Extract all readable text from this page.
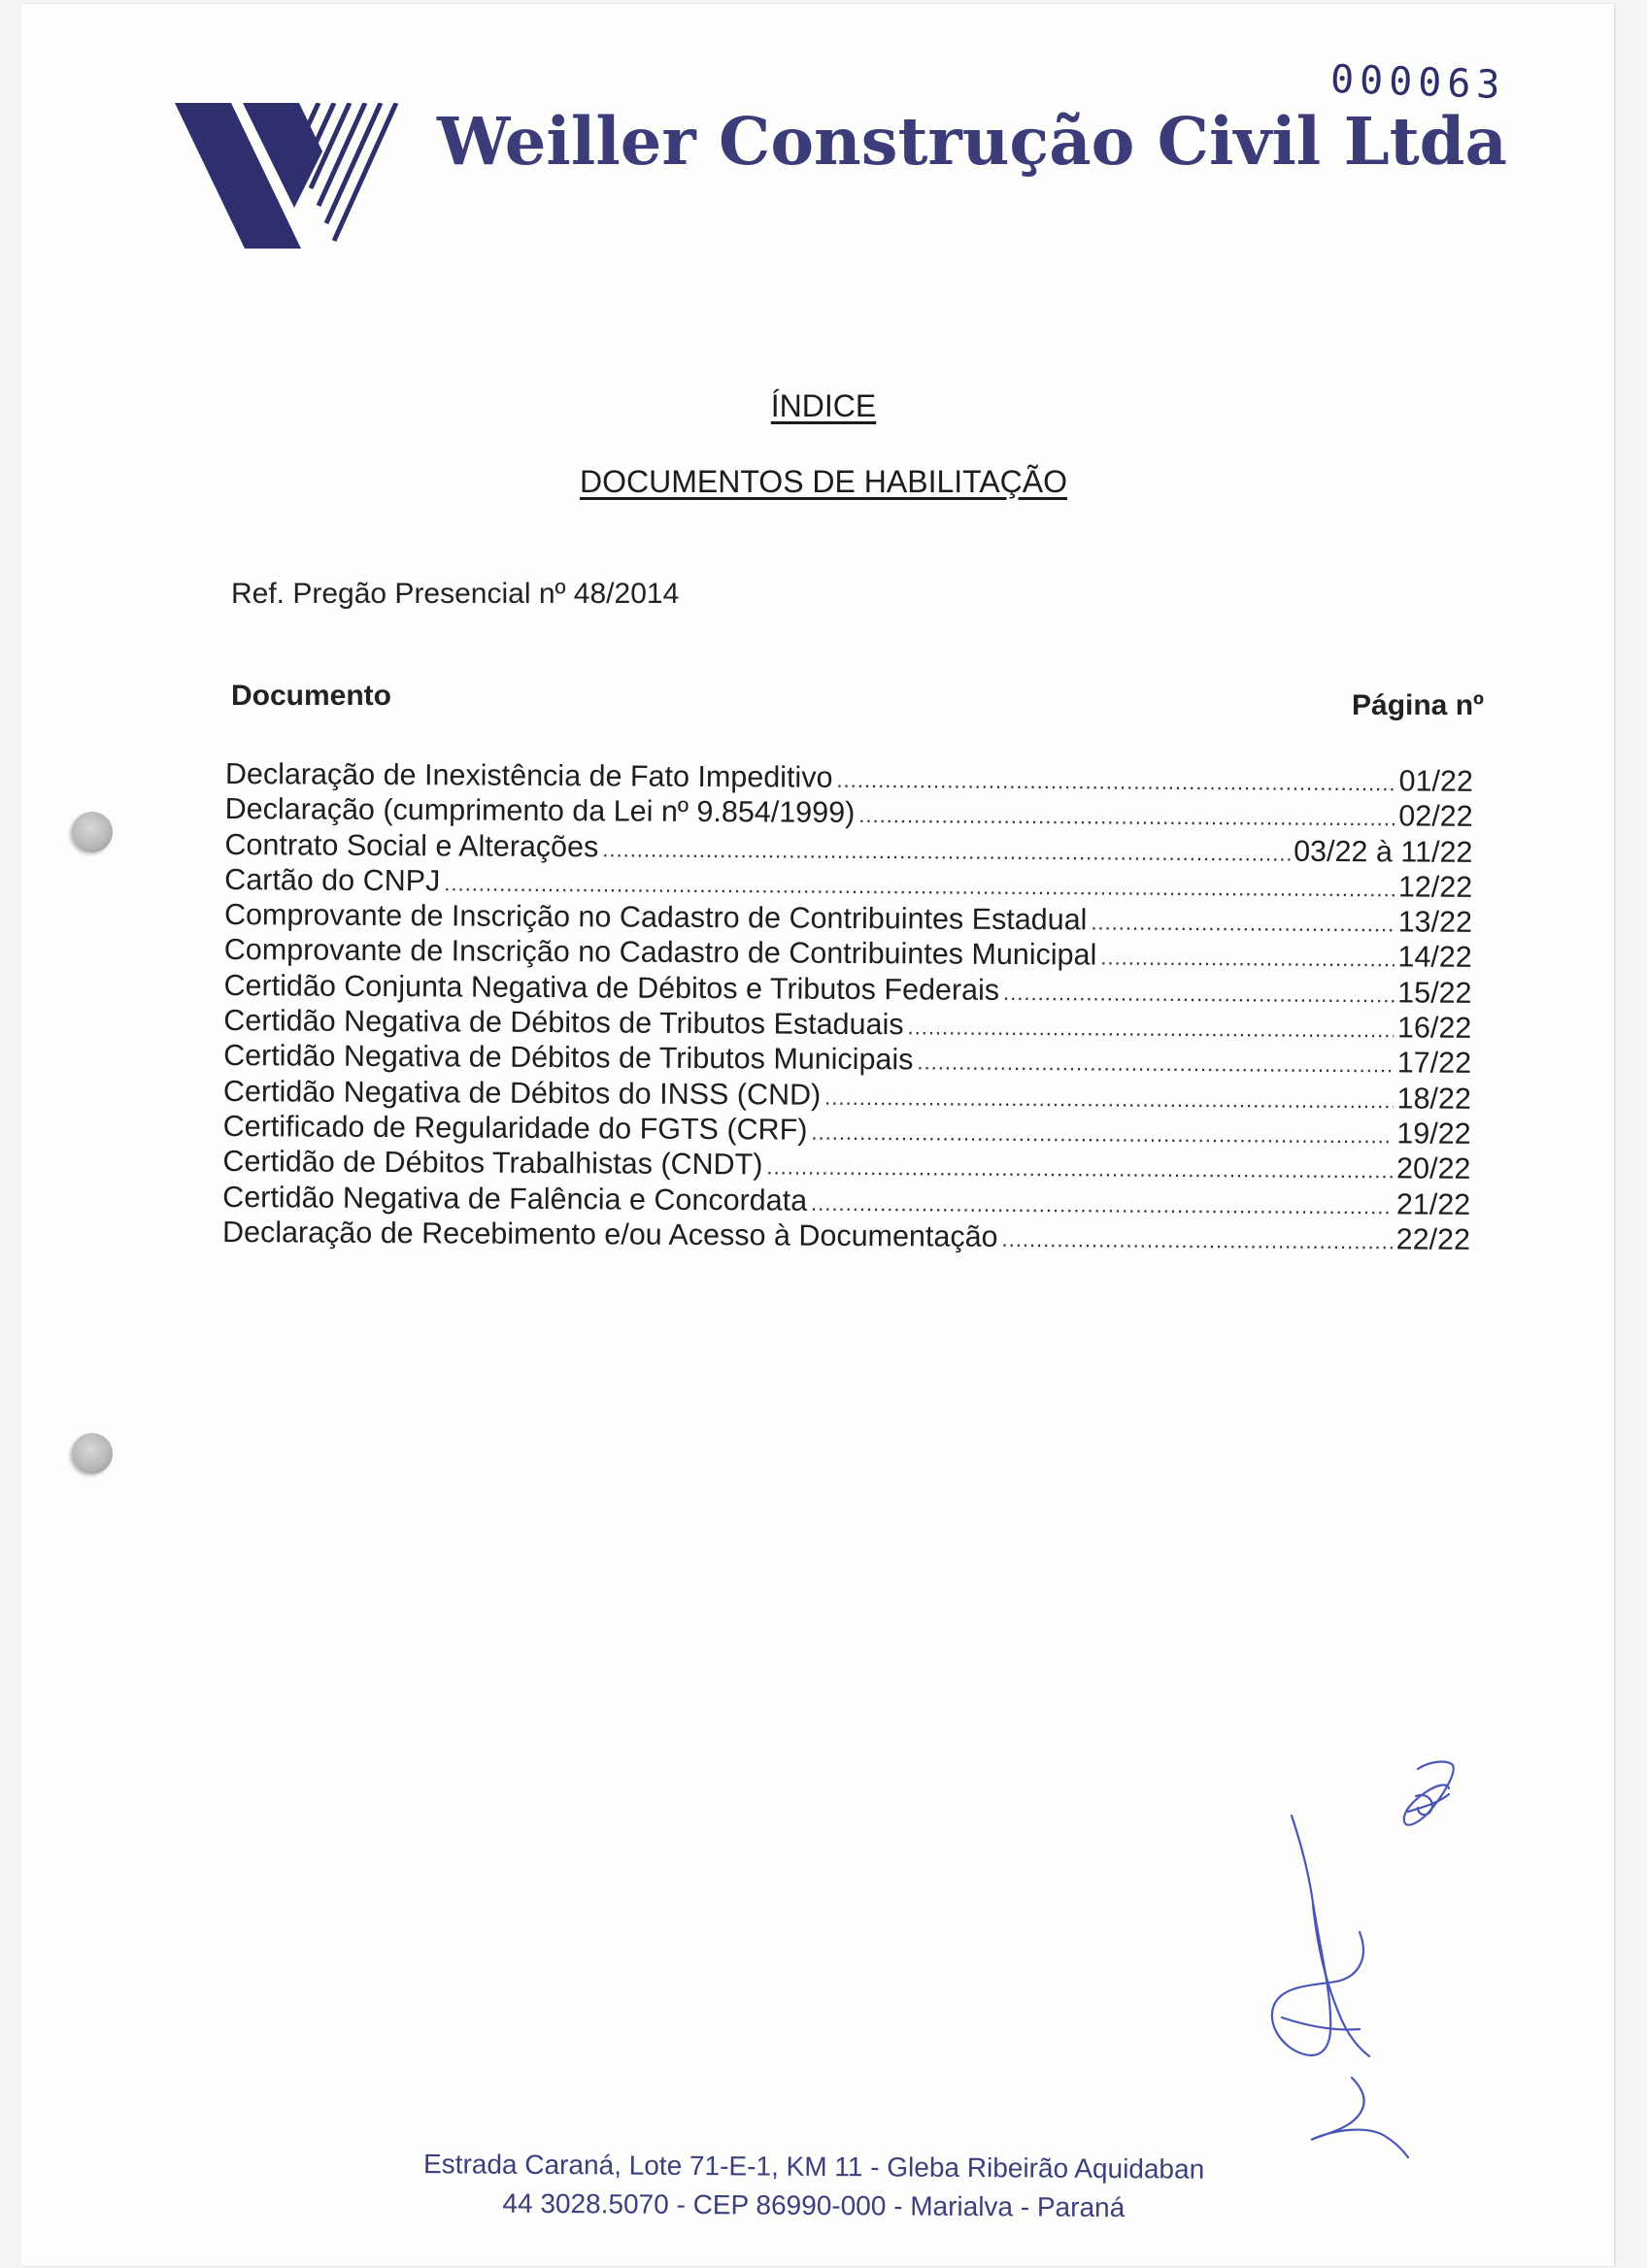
000063
Weiller Construção Civil Ltda
ÍNDICE
DOCUMENTOS DE HABILITAÇÃO
Ref. Pregão Presencial nº 48/2014
Documento	Página nº
Declaração de Inexistência de Fato Impeditivo .....	01/22
Declaração (cumprimento da Lei nº 9.854/1999) .....	02/22
Contrato Social e Alterações .....	03/22 à 11/22
Cartão do CNPJ .....	12/22
Comprovante de Inscrição no Cadastro de Contribuintes Estadual .....	13/22
Comprovante de Inscrição no Cadastro de Contribuintes Municipal .....	14/22
Certidão Conjunta Negativa de Débitos e Tributos Federais .....	15/22
Certidão Negativa de Débitos de Tributos Estaduais .....	16/22
Certidão Negativa de Débitos de Tributos Municipais .....	17/22
Certidão Negativa de Débitos do INSS (CND) .....	18/22
Certificado de Regularidade do FGTS (CRF) .....	19/22
Certidão de Débitos Trabalhistas (CNDT) .....	20/22
Certidão Negativa de Falência e Concordata .....	21/22
Declaração de Recebimento e/ou Acesso à Documentação .....	22/22
Estrada Caraná, Lote 71-E-1, KM 11 - Gleba Ribeirão Aquidaban
44 3028.5070 - CEP 86990-000 - Marialva - Paraná
